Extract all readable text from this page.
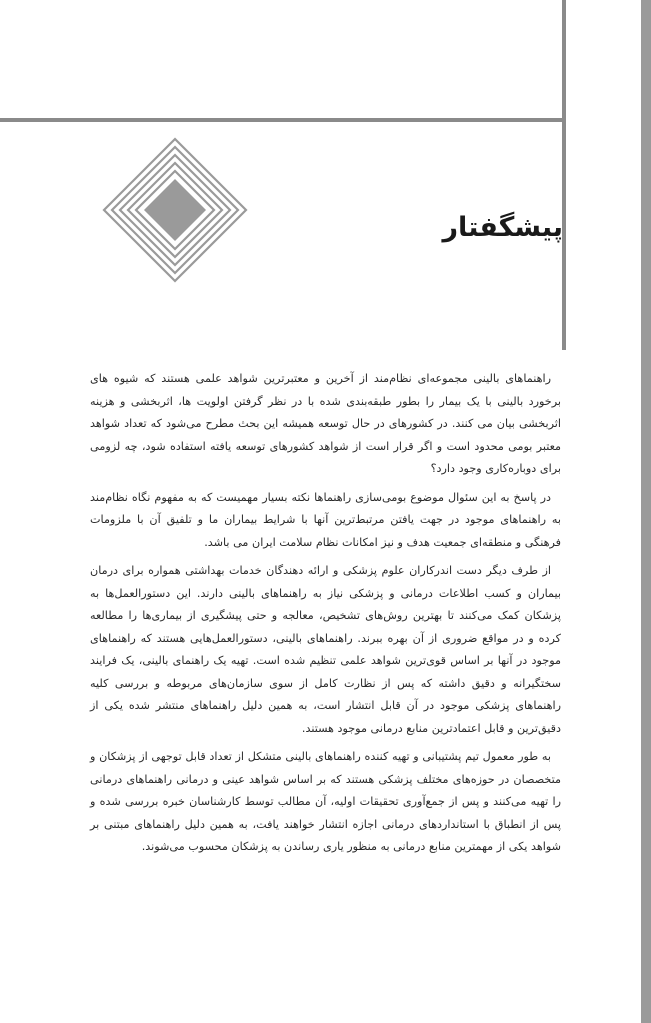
پیشگفتار

راهنماهای بالینی مجموعه‌ای نظام‌مند از آخرین و معتبرترین شواهد علمی هستند که شیوه های برخورد بالینی با یک بیمار را بطور طبقه‌بندی شده با در نظر گرفتن اولویت ها، اثربخشی و هزینه اثربخشی بیان می کنند. در کشورهای در حال توسعه همیشه این بحث مطرح می‌شود که تعداد شواهد معتبر بومی محدود است و اگر قرار است از شواهد کشورهای توسعه یافته استفاده شود، چه لزومی برای دوباره‌کاری وجود دارد؟

در پاسخ به این سئوال موضوع بومی‌سازی راهنماها نکته بسیار مهمیست که به مفهوم نگاه نظام‌مند به راهنماهای موجود در جهت یافتن مرتبط‌ترین آنها با شرایط بیماران ما و تلفیق آن با ملزومات فرهنگی و منطقه‌ای جمعیت هدف و نیز امکانات نظام سلامت ایران می باشد.

از طرف دیگر دست اندرکاران علوم پزشکی و ارائه دهندگان خدمات بهداشتی همواره برای درمان بیماران و کسب اطلاعات درمانی و پزشکی نیاز به راهنماهای بالینی دارند. این دستورالعمل‌ها به پزشکان کمک می‌کنند تا بهترین روش‌های تشخیص، معالجه و حتی پیشگیری از بیماری‌ها را مطالعه کرده و در مواقع ضروری از آن بهره ببرند. راهنماهای بالینی، دستورالعمل‌هایی هستند که راهنماهای موجود در آنها بر اساس قوی‌ترین شواهد علمی تنظیم شده است. تهیه یک راهنمای بالینی، یک فرایند سختگیرانه و دقیق داشته که پس از نظارت کامل از سوی سازمان‌های مربوطه و بررسی کلیه راهنماهای پزشکی موجود در آن قابل انتشار است، به همین دلیل راهنماهای منتشر شده یکی از دقیق‌ترین و قابل اعتمادترین منابع درمانی موجود هستند.

به طور معمول تیم پشتیبانی و تهیه کننده راهنماهای بالینی متشکل از تعداد قابل توجهی از پزشکان و متخصصان در حوزه‌های مختلف پزشکی هستند که بر اساس شواهد عینی و درمانی راهنماهای درمانی را تهیه می‌کنند و پس از جمع‌آوری تحقیقات اولیه، آن مطالب توسط کارشناسان خبره بررسی شده و پس از انطباق با استانداردهای درمانی اجازه انتشار خواهند یافت، به همین دلیل راهنماهای مبتنی بر شواهد یکی از مهمترین منابع درمانی به منظور یاری رساندن به پزشکان محسوب می‌شوند.
